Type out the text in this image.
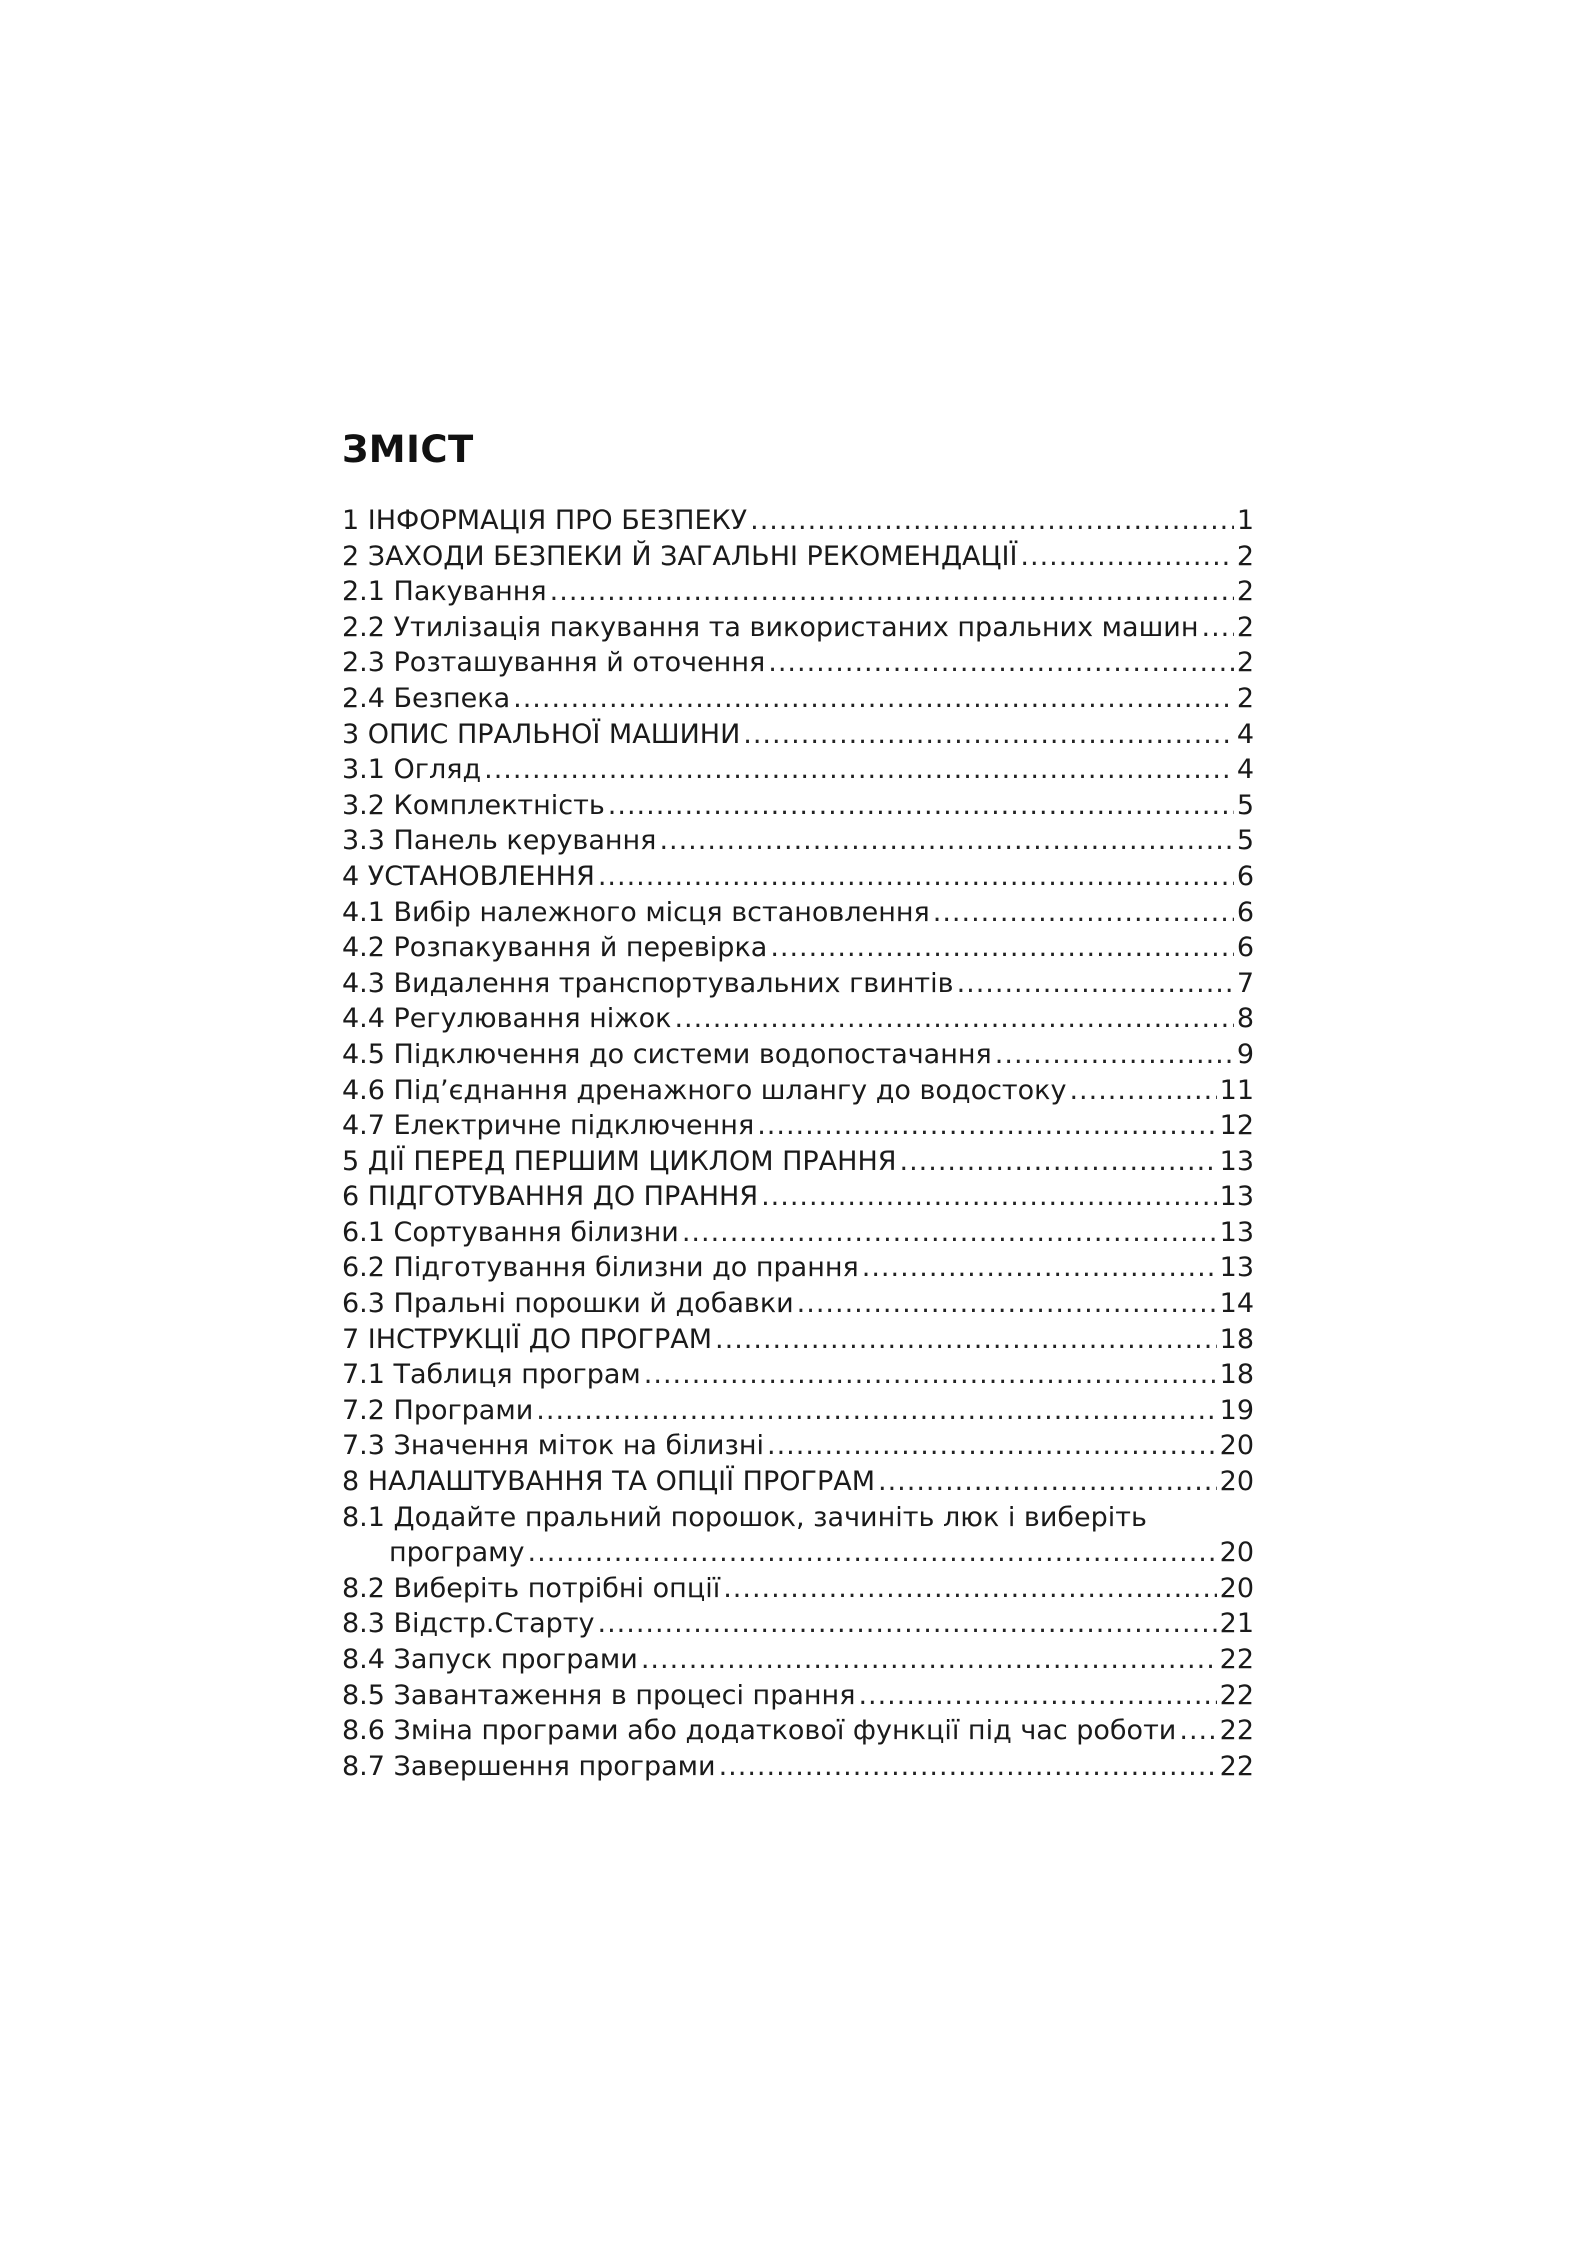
ЗМІСТ
1 ІНФОРМАЦІЯ ПРО БЕЗПЕКУ .....	1
2 ЗАХОДИ БЕЗПЕКИ Й ЗАГАЛЬНІ РЕКОМЕНДАЦІЇ .....	2
2.1 Пакування .....	2
2.2 Утилізація пакування та використаних пральних машин ..... 2
2.3 Розташування й оточення .....	2
2.4 Безпека .....	2
3 ОПИС ПРАЛЬНОЇ МАШИНИ .....	4
3.1 Огляд .....	4
3.2 Комплектність .....	5
3.3 Панель керування .....	5
4 УСТАНОВЛЕННЯ .....	6
4.1 Вибір належного місця встановлення .....	6
4.2 Розпакування й перевірка .....	6
4.3 Видалення транспортувальних гвинтів .....	7
4.4 Регулювання ніжок .....	8
4.5 Підключення до системи водопостачання .....	9
4.6 Під’єднання дренажного шлангу до водостоку .....	11
4.7 Електричне підключення .....	12
5 ДІЇ ПЕРЕД ПЕРШИМ ЦИКЛОМ ПРАННЯ .....	13
6 ПІДГОТУВАННЯ ДО ПРАННЯ .....	13
6.1 Сортування білизни .....	13
6.2 Підготування білизни до прання .....	13
6.3 Пральні порошки й добавки .....	14
7 ІНСТРУКЦІЇ ДО ПРОГРАМ .....	18
7.1 Таблиця програм .....	18
7.2 Програми .....	19
7.3 Значення міток на білизні .....	20
8 НАЛАШТУВАННЯ ТА ОПЦІЇ ПРОГРАМ .....	20
8.1 Додайте пральний порошок, зачиніть люк і виберіть
програму .....	20
8.2 Виберіть потрібні опції .....	20
8.3 Відстр.Старту .....	21
8.4 Запуск програми .....	22
8.5 Завантаження в процесі прання .....	22
8.6 Зміна програми або додаткової функції під час роботи ..... 22
8.7 Завершення програми .....	22
